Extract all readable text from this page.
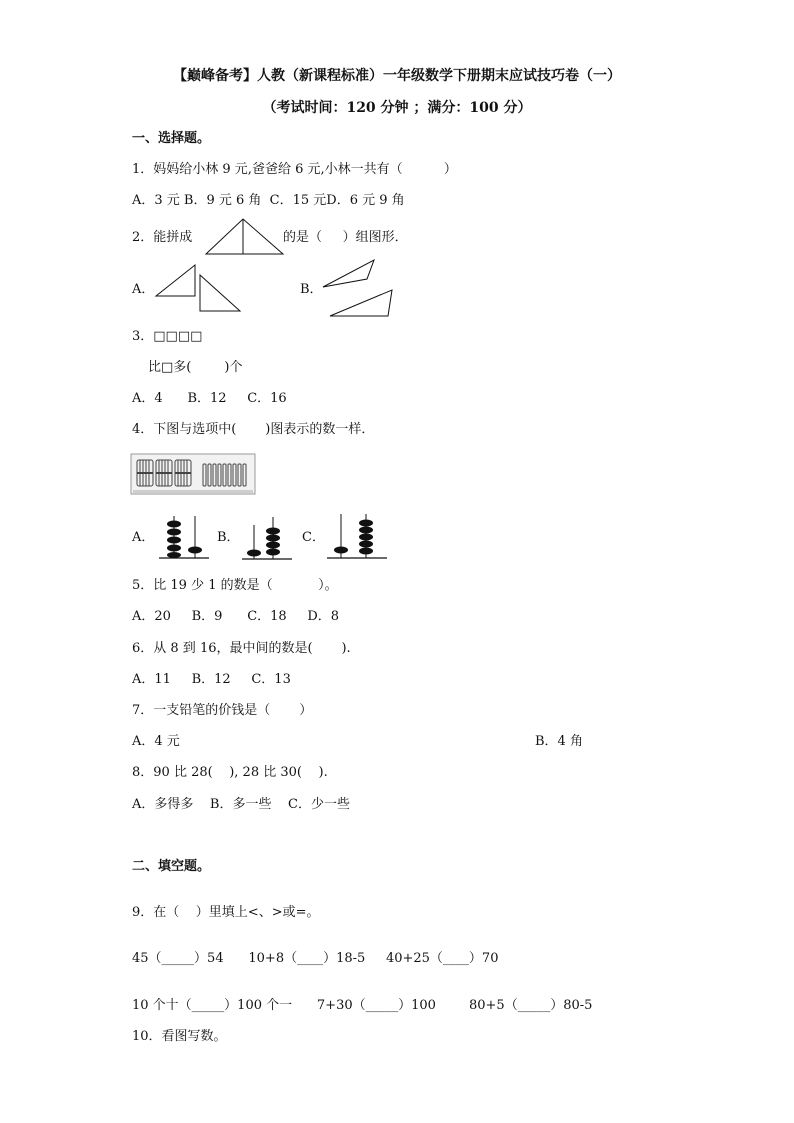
【巅峰备考】人教（新课程标准）一年级数学下册期末应试技巧卷（一）
（考试时间：120 分钟 ；满分：100 分）
一、选择题。
1．妈妈给小林 9 元,爸爸给 6 元,小林一共有（          ）
A．3 元 B．9 元 6 角  C．15 元D．6 元 9 角
2．能拼成	的是（     ）组图形．
A．	B．
3．□□□□
比□多(        )个
A．4      B．12     C．16
4．下图与选项中(       )图表示的数一样．
A．	B．	C．
5．比 19 少 1 的数是（           ）。
A．20     B．9      C．18     D．8
6．从 8 到 16，最中间的数是(       ).
A．11     B．12     C．13
7．一支铅笔的价钱是（       ）
A．4 元	B．4 角
8．90 比 28(    ), 28 比 30(    ).
A．多得多    B．多一些    C．少一些
二、填空题。
9．在（    ）里填上<、>或=。
45（_____）54      10+8（____）18-5     40+25（____）70
10 个十（_____）100 个一      7+30（_____）100        80+5（_____）80-5
10．看图写数。
